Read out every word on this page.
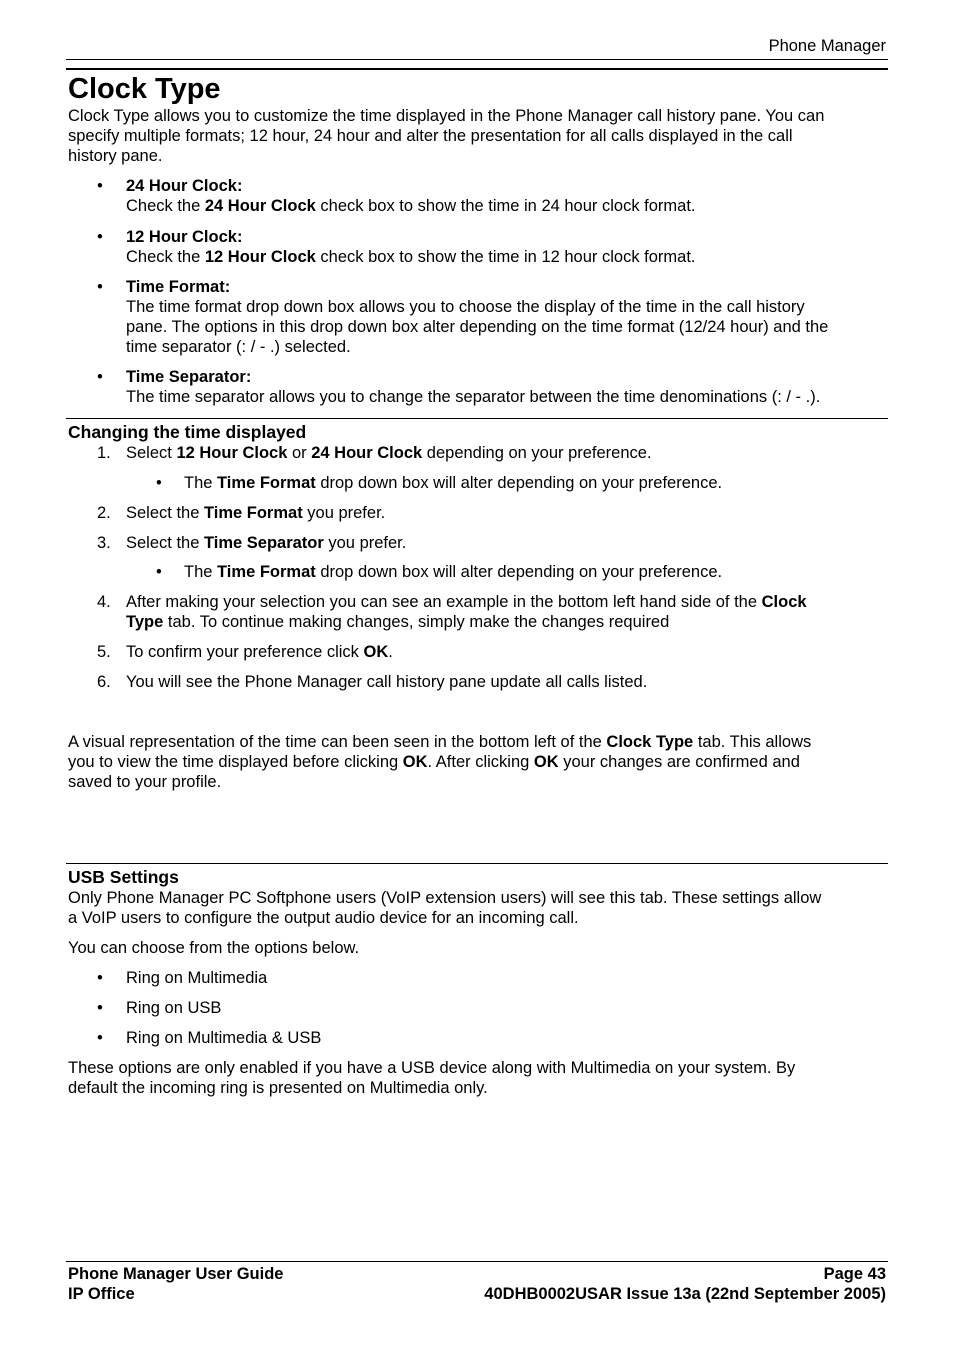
Phone Manager
Clock Type
Clock Type allows you to customize the time displayed in the Phone Manager call history pane. You can
specify multiple formats; 12 hour, 24 hour and alter the presentation for all calls displayed in the call
history pane.
• 24 Hour Clock:
Check the 24 Hour Clock check box to show the time in 24 hour clock format.
• 12 Hour Clock:
Check the 12 Hour Clock check box to show the time in 12 hour clock format.
• Time Format:
The time format drop down box allows you to choose the display of the time in the call history
pane. The options in this drop down box alter depending on the time format (12/24 hour) and the
time separator (: / - .) selected.
• Time Separator:
The time separator allows you to change the separator between the time denominations (: / - .).
Changing the time displayed
1. Select 12 Hour Clock or 24 Hour Clock depending on your preference.
• The Time Format drop down box will alter depending on your preference.
2. Select the Time Format you prefer.
3. Select the Time Separator you prefer.
• The Time Format drop down box will alter depending on your preference.
4. After making your selection you can see an example in the bottom left hand side of the Clock
Type tab. To continue making changes, simply make the changes required
5. To confirm your preference click OK.
6. You will see the Phone Manager call history pane update all calls listed.
A visual representation of the time can been seen in the bottom left of the Clock Type tab. This allows
you to view the time displayed before clicking OK. After clicking OK your changes are confirmed and
saved to your profile.
USB Settings
Only Phone Manager PC Softphone users (VoIP extension users) will see this tab. These settings allow
a VoIP users to configure the output audio device for an incoming call.
You can choose from the options below.
• Ring on Multimedia
• Ring on USB
• Ring on Multimedia & USB
These options are only enabled if you have a USB device along with Multimedia on your system. By
default the incoming ring is presented on Multimedia only.
Phone Manager User Guide	Page 43
IP Office	40DHB0002USAR Issue 13a (22nd September 2005)
